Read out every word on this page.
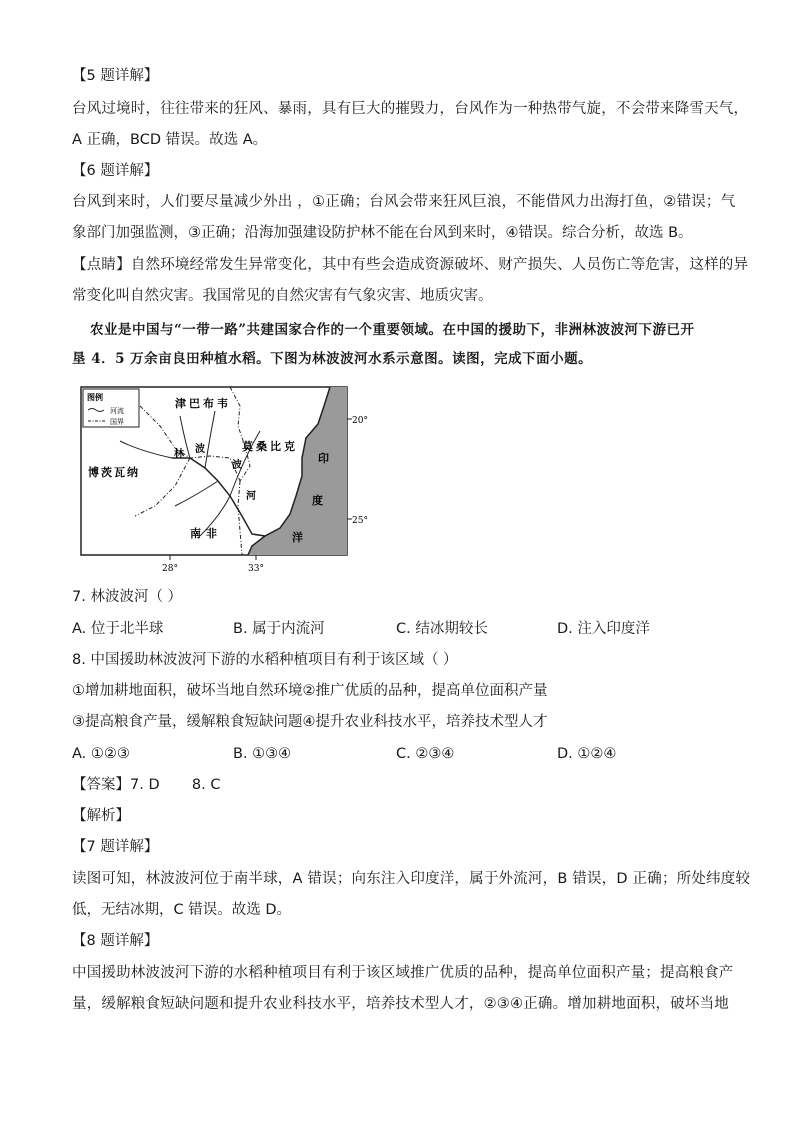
【5 题详解】
台风过境时，往往带来的狂风、暴雨，具有巨大的摧毁力，台风作为一种热带气旋，不会带来降雪天气，
A 正确，BCD 错误。故选 A。
【6 题详解】
台风到来时，人们要尽量减少外出 ，①正确；台风会带来狂风巨浪，不能借风力出海打鱼，②错误；气
象部门加强监测，③正确；沿海加强建设防护林不能在台风到来时，④错误。综合分析，故选 B。
【点睛】自然环境经常发生异常变化，其中有些会造成资源破坏、财产损失、人员伤亡等危害，这样的异
常变化叫自然灾害。我国常见的自然灾害有气象灾害、地质灾害。
农业是中国与“一带一路”共建国家合作的一个重要领域。在中国的援助下，非洲林波波河下游已开
垦 4．5 万余亩良田种植水稻。下图为林波波河水系示意图。读图，完成下面小题。
图例
河流
国界
津巴布韦
莫桑比克
博茨瓦纳
南非
林 波
波
河
印
度
洋
20°
25°
28°	33°
7. 林波波河（ ）
A. 位于北半球	B. 属于内流河	C. 结冰期较长	D. 注入印度洋
8. 中国援助林波波河下游的水稻种植项目有利于该区域（ ）
①增加耕地面积，破坏当地自然环境②推广优质的品种，提高单位面积产量
③提高粮食产量，缓解粮食短缺问题④提升农业科技水平，培养技术型人才
A. ①②③	B. ①③④	C. ②③④	D. ①②④
【答案】7. D       8. C
【解析】
【7 题详解】
读图可知，林波波河位于南半球，A 错误；向东注入印度洋，属于外流河，B 错误，D 正确；所处纬度较
低，无结冰期，C 错误。故选 D。
【8 题详解】
中国援助林波波河下游的水稻种植项目有利于该区域推广优质的品种，提高单位面积产量；提高粮食产
量，缓解粮食短缺问题和提升农业科技水平，培养技术型人才，②③④正确。增加耕地面积，破坏当地
